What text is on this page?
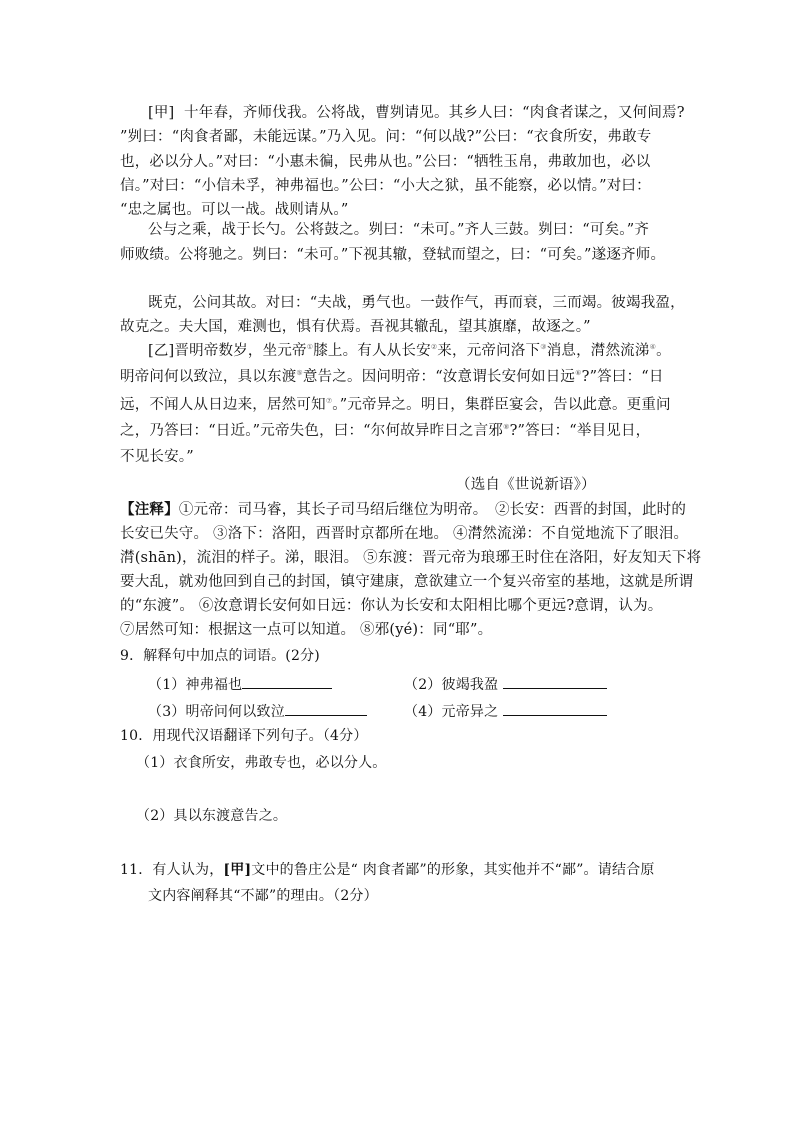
[甲] 十年春，齐师伐我。公将战，曹刿请见。其乡人曰：“肉食者谋之，又何间焉?
”刿曰：“肉食者鄙，未能远谋。”乃入见。问：“何以战?”公曰：“衣食所安，弗敢专
也，必以分人。”对曰：“小惠未徧，民弗从也。”公曰：“牺牲玉帛，弗敢加也，必以
信。”对曰：“小信未孚，神弗福也。”公曰：“小大之狱，虽不能察，必以情。”对曰：
“忠之属也。可以一战。战则请从。”
公与之乘，战于长勺。公将鼓之。刿曰：“未可。”齐人三鼓。刿曰：“可矣。”齐
师败绩。公将驰之。刿曰：“未可。”下视其辙，登轼而望之，曰：“可矣。”遂逐齐师。
既克，公问其故。对曰：“夫战，勇气也。一鼓作气，再而衰，三而竭。彼竭我盈，
故克之。夫大国，难测也，惧有伏焉。吾视其辙乱，望其旗靡，故逐之。”
[乙]晋明帝数岁，坐元帝①膝上。有人从长安②来，元帝问洛下③消息，潸然流涕④。
明帝问何以致泣，具以东渡⑤意告之。因问明帝：“汝意谓长安何如日远⑥?”答曰：“日
远，不闻人从日边来，居然可知⑦。”元帝异之。明日，集群臣宴会，告以此意。更重问
之，乃答曰：“日近。”元帝失色，曰：“尔何故异昨日之言邪⑧?”答曰：“举目见日，
不见长安。”
（选自《世说新语》）
【注释】①元帝：司马睿，其长子司马绍后继位为明帝。　②长安：西晋的封国，此时的
长安已失守。 ③洛下：洛阳，西晋时京都所在地。 ④潸然流涕：不自觉地流下了眼泪。
潸(shān)，流泪的样子。涕，眼泪。 ⑤东渡：晋元帝为琅琊王时住在洛阳，好友知天下将
要大乱，就劝他回到自己的封国，镇守建康，意欲建立一个复兴帝室的基地，这就是所谓
的“东渡”。 ⑥汝意谓长安何如日远：你认为长安和太阳相比哪个更远?意谓，认为。
⑦居然可知：根据这一点可以知道。 ⑧邪(yé)：同“耶”。
9．解释句中加点的词语。(2分)
（1）神弗福也	（2）彼竭我盈
（3）明帝问何以致泣	（4）元帝异之
10．用现代汉语翻译下列句子。（4分）
（1）衣食所安，弗敢专也，必以分人。
（2）具以东渡意告之。
11．有人认为，[甲]文中的鲁庄公是“ 肉食者鄙”的形象，其实他并不“鄙”。请结合原
文内容阐释其“不鄙”的理由。（2分）
